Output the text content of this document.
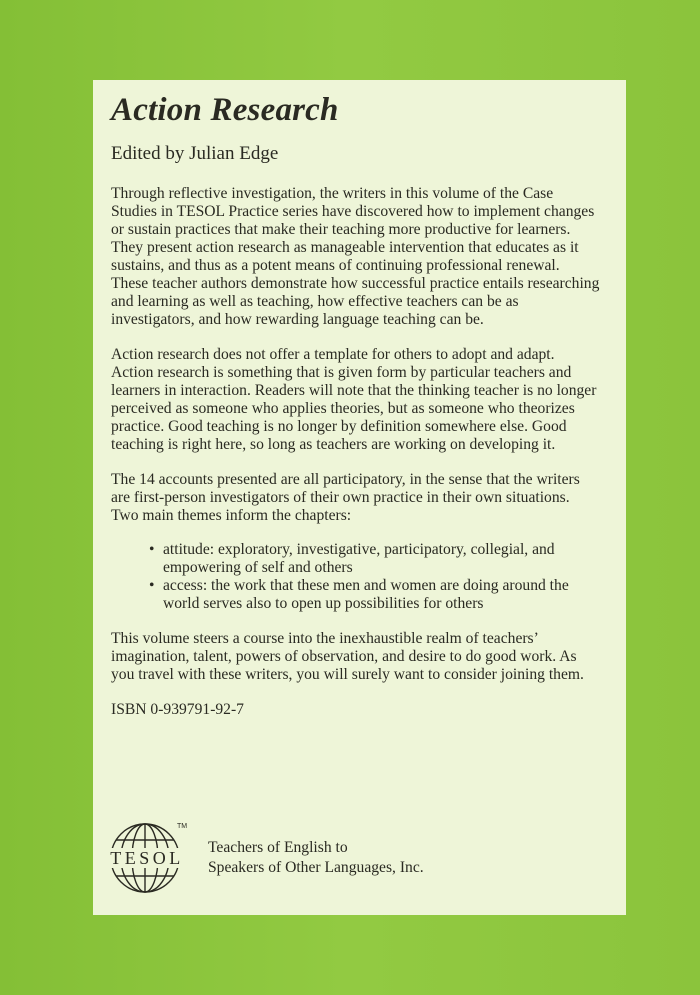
Action Research
Edited by Julian Edge

Through reflective investigation, the writers in this volume of the Case Studies in TESOL Practice series have discovered how to implement changes or sustain practices that make their teaching more productive for learners. They present action research as manageable intervention that educates as it sustains, and thus as a potent means of continuing professional renewal. These teacher authors demonstrate how successful practice entails researching and learning as well as teaching, how effective teachers can be as investigators, and how rewarding language teaching can be.

Action research does not offer a template for others to adopt and adapt. Action research is something that is given form by particular teachers and learners in interaction. Readers will note that the thinking teacher is no longer perceived as someone who applies theories, but as someone who theorizes practice. Good teaching is no longer by definition somewhere else. Good teaching is right here, so long as teachers are working on developing it.

The 14 accounts presented are all participatory, in the sense that the writers are first-person investigators of their own practice in their own situations. Two main themes inform the chapters:

• attitude: exploratory, investigative, participatory, collegial, and empowering of self and others
• access: the work that these men and women are doing around the world serves also to open up possibilities for others

This volume steers a course into the inexhaustible realm of teachers’ imagination, talent, powers of observation, and desire to do good work. As you travel with these writers, you will surely want to consider joining them.

ISBN 0-939791-92-7

TESOL
TM
Teachers of English to
Speakers of Other Languages, Inc.
